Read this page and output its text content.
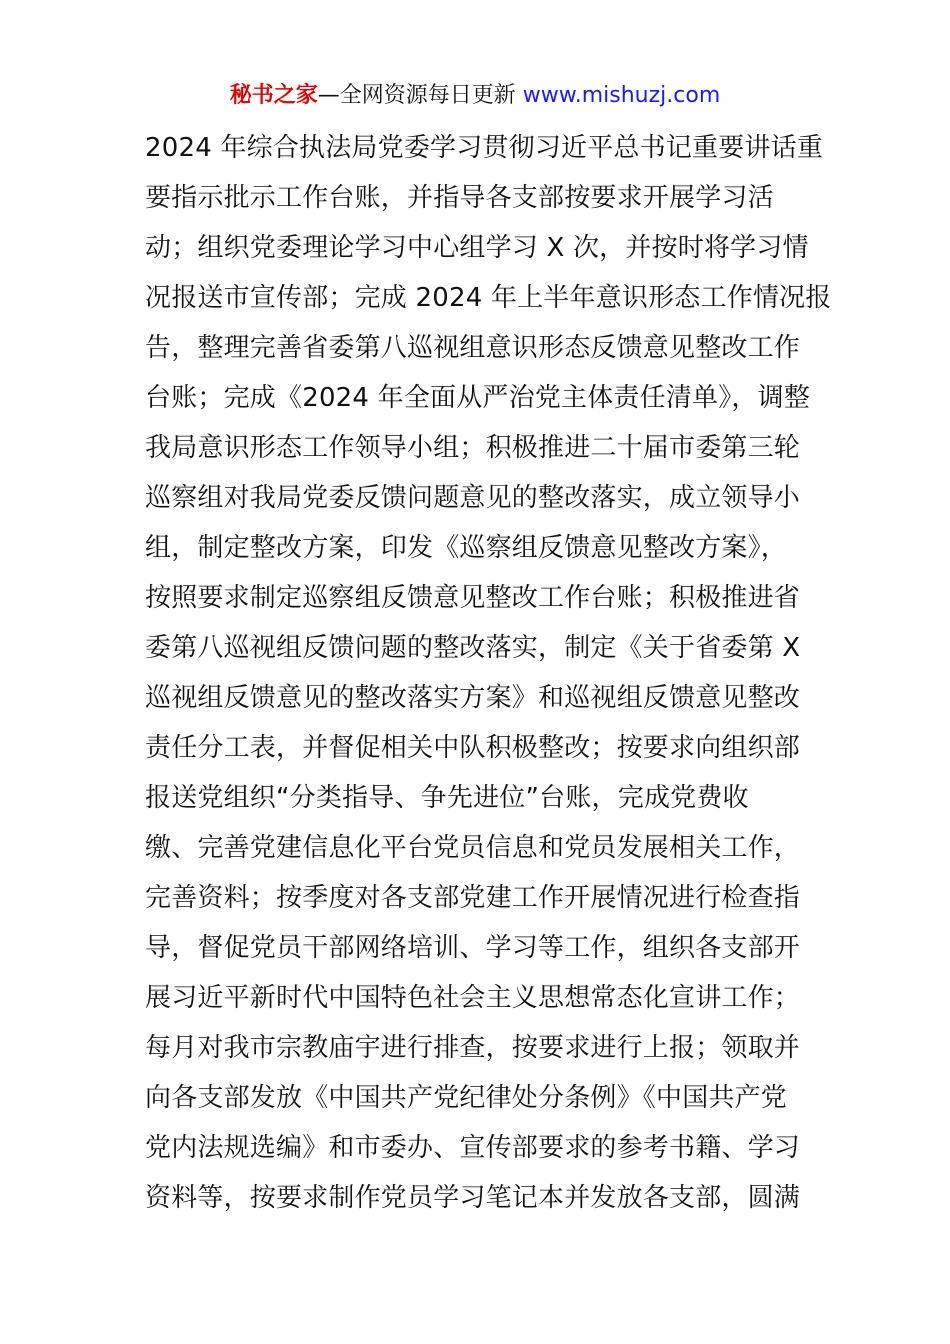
秘书之家—全网资源每日更新 www.mishuzj.com
2024 年综合执法局党委学习贯彻习近平总书记重要讲话重
要指示批示工作台账，并指导各支部按要求开展学习活
动；组织党委理论学习中心组学习 X 次，并按时将学习情
况报送市宣传部；完成 2024 年上半年意识形态工作情况报
告，整理完善省委第八巡视组意识形态反馈意见整改工作
台账；完成《2024 年全面从严治党主体责任清单》，调整
我局意识形态工作领导小组；积极推进二十届市委第三轮
巡察组对我局党委反馈问题意见的整改落实，成立领导小
组，制定整改方案，印发《巡察组反馈意见整改方案》，
按照要求制定巡察组反馈意见整改工作台账；积极推进省
委第八巡视组反馈问题的整改落实，制定《关于省委第 X
巡视组反馈意见的整改落实方案》和巡视组反馈意见整改
责任分工表，并督促相关中队积极整改；按要求向组织部
报送党组织“分类指导、争先进位”台账，完成党费收
缴、完善党建信息化平台党员信息和党员发展相关工作，
完善资料；按季度对各支部党建工作开展情况进行检查指
导，督促党员干部网络培训、学习等工作，组织各支部开
展习近平新时代中国特色社会主义思想常态化宣讲工作；
每月对我市宗教庙宇进行排查，按要求进行上报；领取并
向各支部发放《中国共产党纪律处分条例》《中国共产党
党内法规选编》和市委办、宣传部要求的参考书籍、学习
资料等，按要求制作党员学习笔记本并发放各支部，圆满
